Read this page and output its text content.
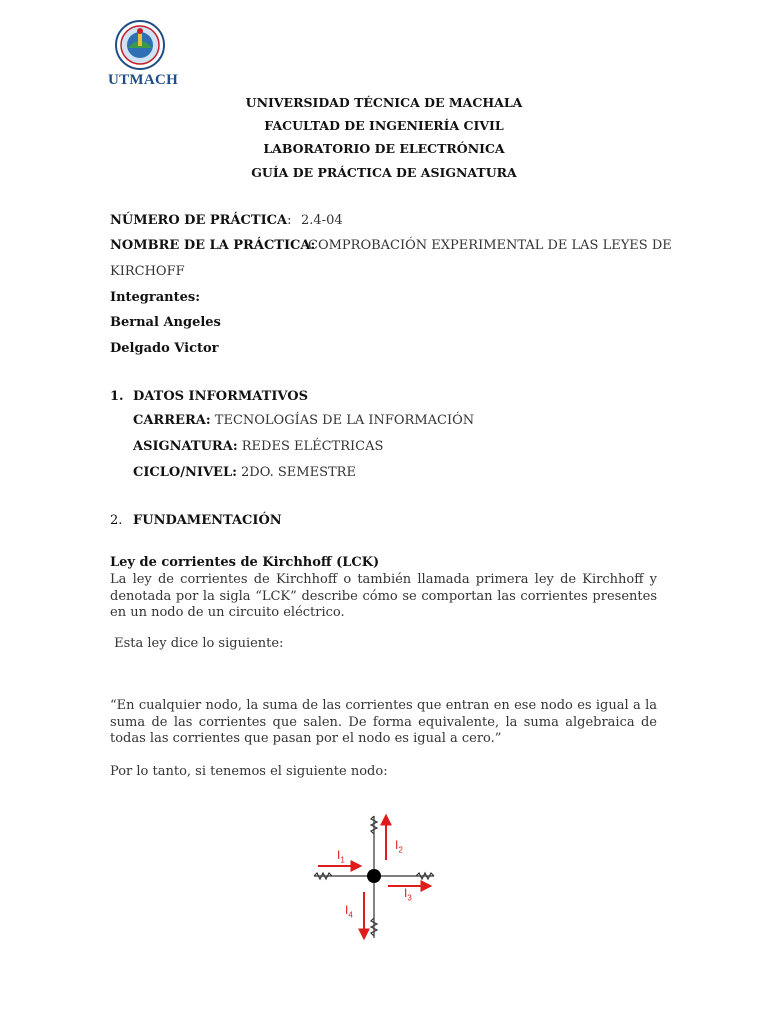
UTMACH
UNIVERSIDAD TÉCNICA DE MACHALA
FACULTAD DE INGENIERÍA CIVIL
LABORATORIO DE ELECTRÓNICA
GUÍA DE PRÁCTICA DE ASIGNATURA
NÚMERO DE PRÁCTICA: 2.4-04
NOMBRE DE LA PRÁCTICA:
COMPROBACIÓN EXPERIMENTAL DE LAS LEYES DE
KIRCHOFF
Integrantes:
Bernal Angeles
Delgado Victor
1. DATOS INFORMATIVOS
CARRERA: TECNOLOGÍAS DE LA INFORMACIÓN
ASIGNATURA: REDES ELÉCTRICAS
CICLO/NIVEL: 2DO. SEMESTRE
2. FUNDAMENTACIÓN
Ley de corrientes de Kirchhoff (LCK)
La ley de corrientes de Kirchhoff o también llamada primera ley de Kirchhoff y denotada por la sigla “LCK” describe cómo se comportan las corrientes presentes en un nodo de un circuito eléctrico.
Esta ley dice lo siguiente:
“En cualquier nodo, la suma de las corrientes que entran en ese nodo es igual a la suma de las corrientes que salen. De forma equivalente, la suma algebraica de todas las corrientes que pasan por el nodo es igual a cero.”
Por lo tanto, si tenemos el siguiente nodo:
$I_1$
$I_2$
$I_3$
$I_4$
